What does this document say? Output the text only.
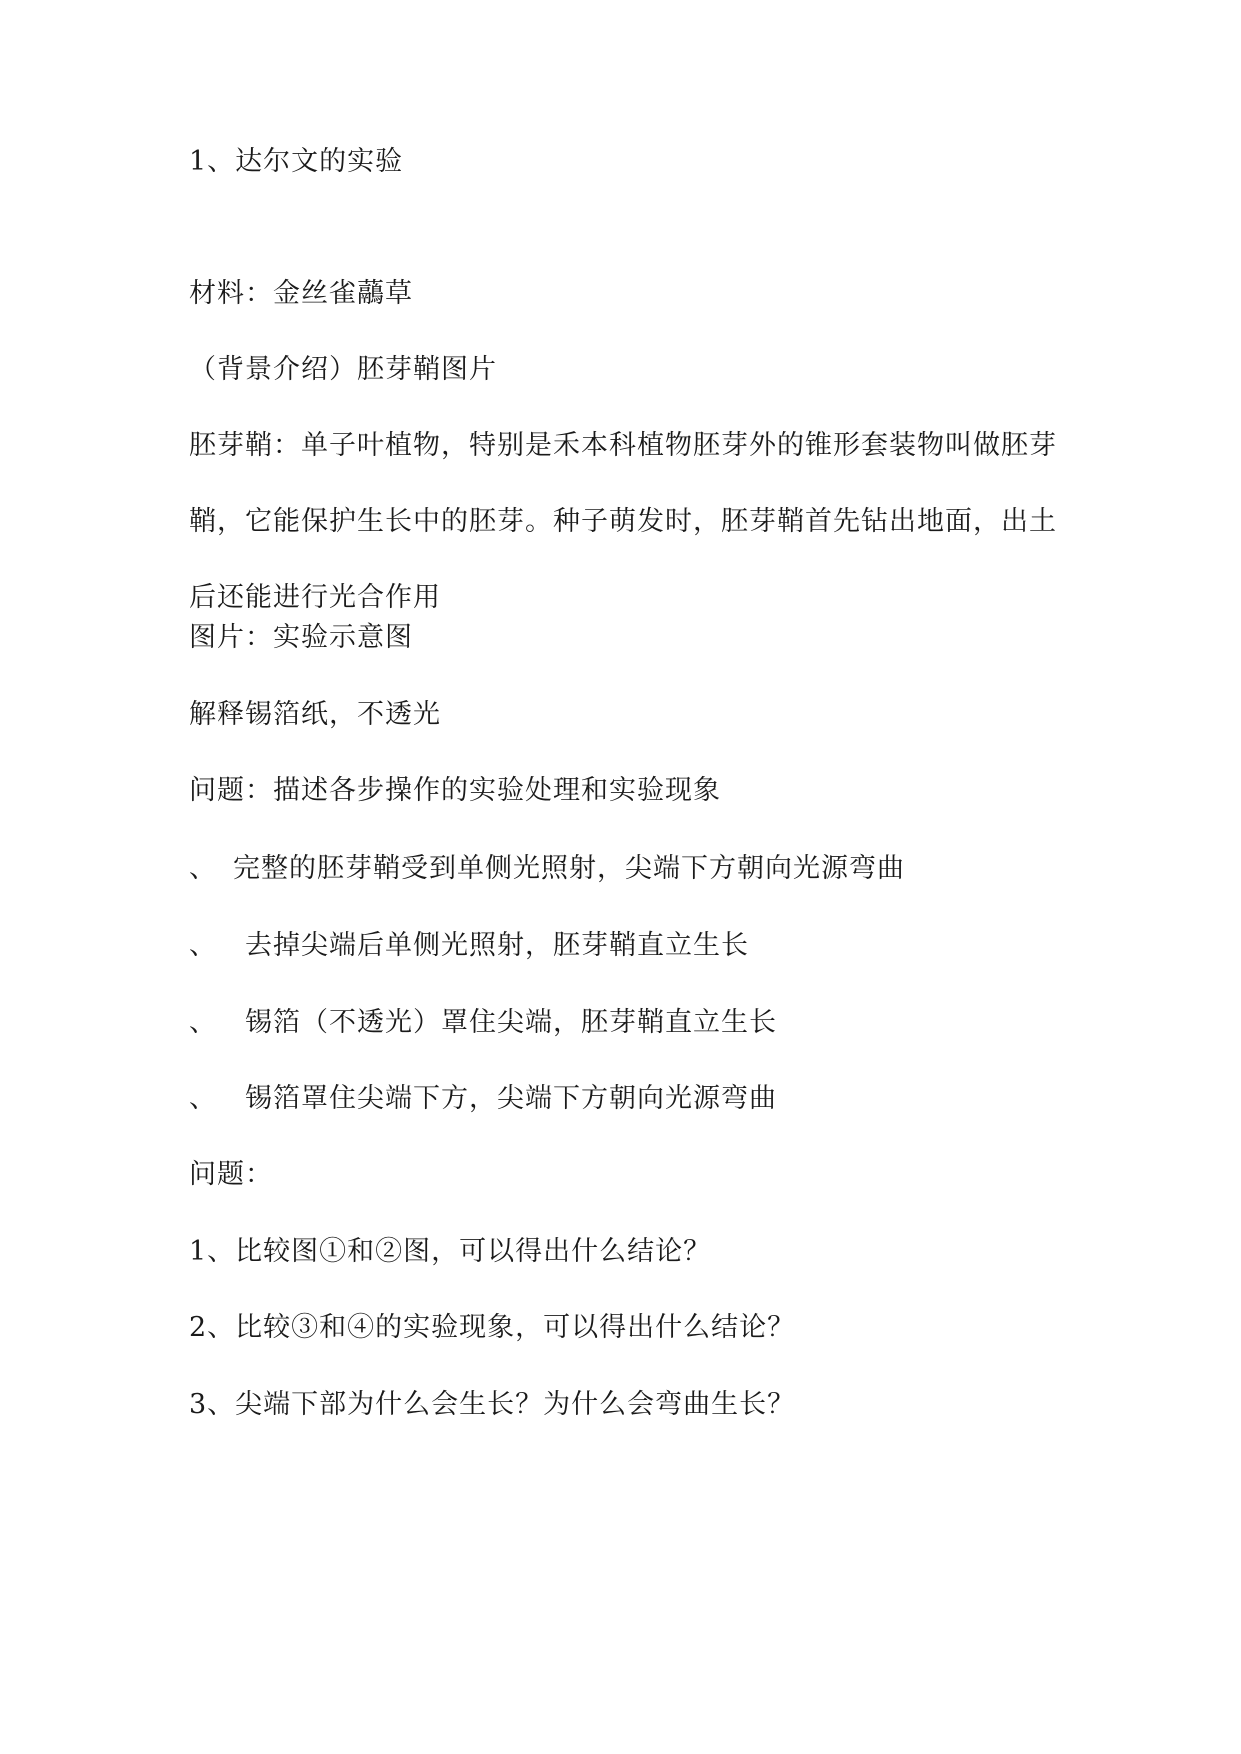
1、达尔文的实验
材料：金丝雀虉草
（背景介绍）胚芽鞘图片
胚芽鞘：单子叶植物，特别是禾本科植物胚芽外的锥形套装物叫做胚芽
鞘，它能保护生长中的胚芽。种子萌发时，胚芽鞘首先钻出地面，出土
后还能进行光合作用
图片：实验示意图
解释锡箔纸，不透光
问题：描述各步操作的实验处理和实验现象
、 完整的胚芽鞘受到单侧光照射，尖端下方朝向光源弯曲
、 去掉尖端后单侧光照射，胚芽鞘直立生长
、 锡箔（不透光）罩住尖端，胚芽鞘直立生长
、 锡箔罩住尖端下方，尖端下方朝向光源弯曲
问题：
1、比较图①和②图，可以得出什么结论？
2、比较③和④的实验现象，可以得出什么结论？
3、尖端下部为什么会生长？为什么会弯曲生长？
